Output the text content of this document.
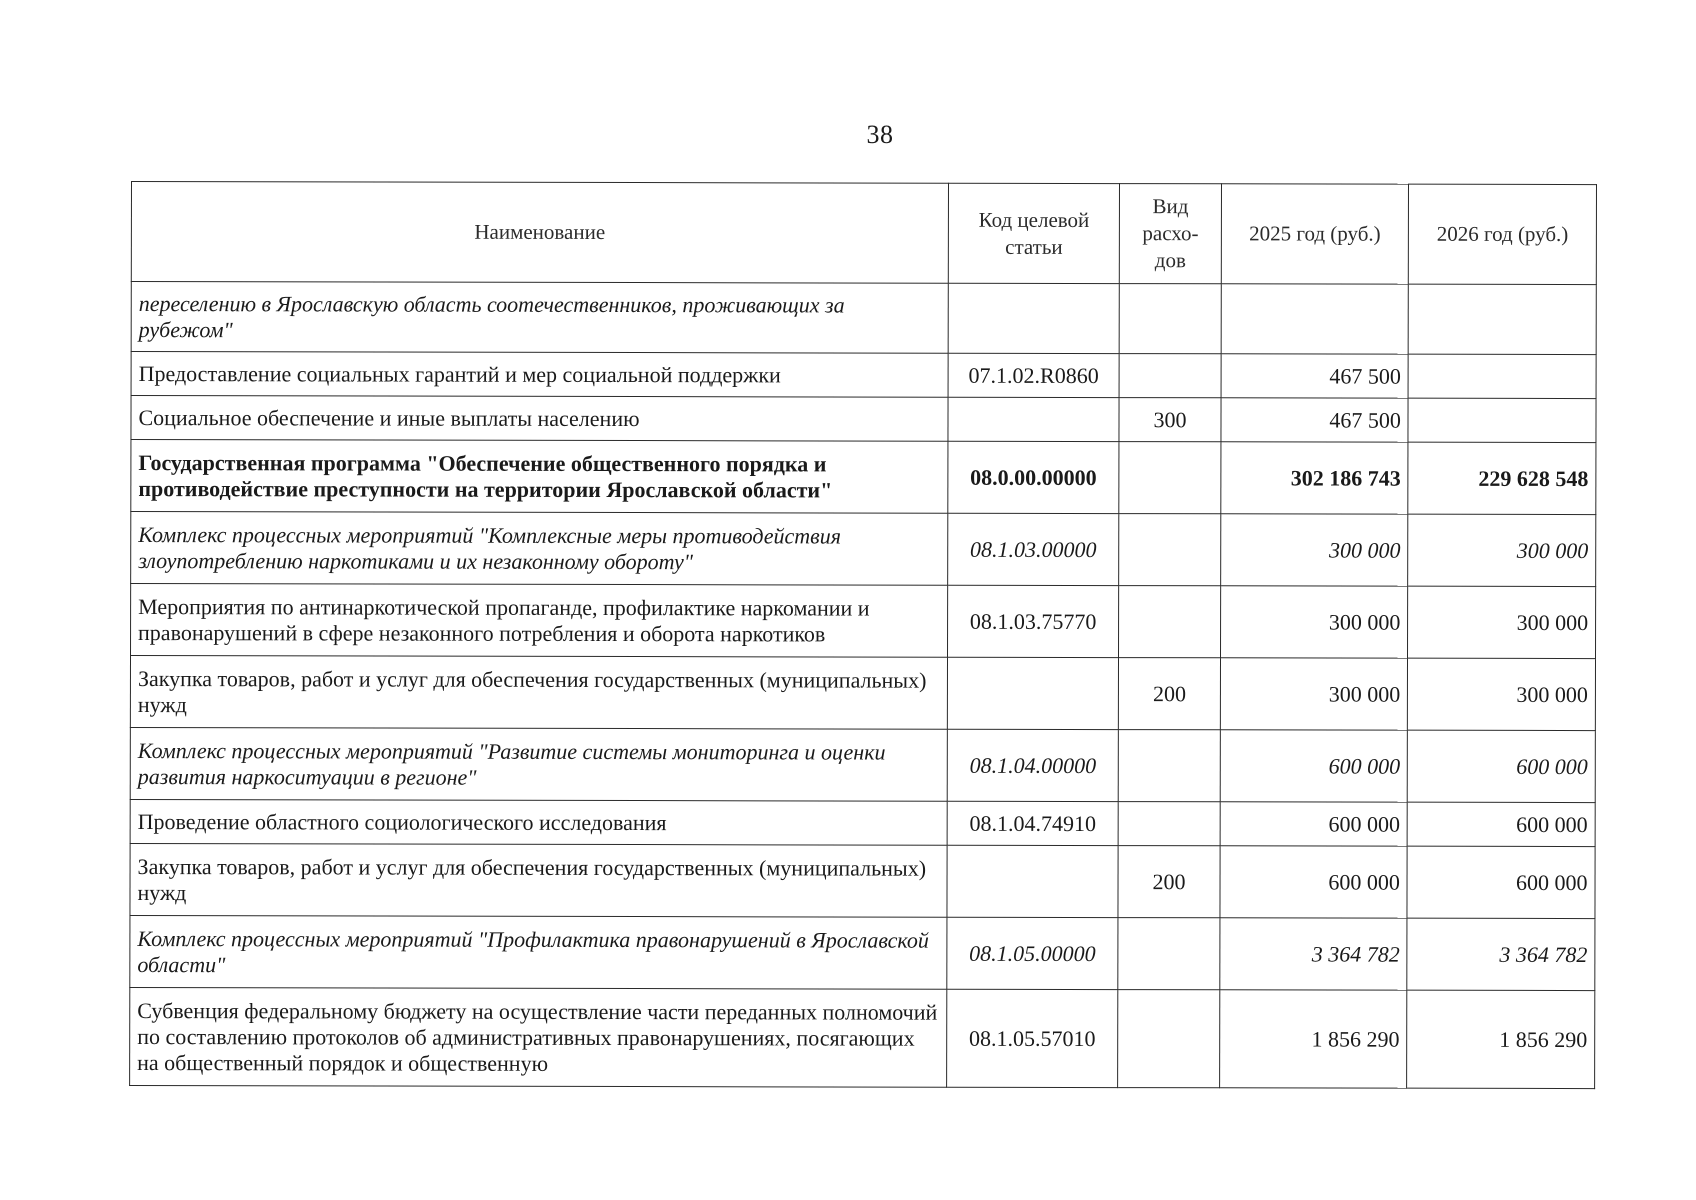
38
Наименование	Код целевой статьи	Вид расхо-дов	2025 год (руб.)	2026 год (руб.)
переселению в Ярославскую область соотечественников, проживающих за рубежом"				
Предоставление социальных гарантий и мер социальной поддержки	07.1.02.R0860		467 500	
Социальное обеспечение и иные выплаты населению		300	467 500	
Государственная программа "Обеспечение общественного порядка и противодействие преступности на территории Ярославской области"	08.0.00.00000		302 186 743	229 628 548
Комплекс процессных мероприятий "Комплексные меры противодействия злоупотреблению наркотиками и их незаконному обороту"	08.1.03.00000		300 000	300 000
Мероприятия по антинаркотической пропаганде, профилактике наркомании и правонарушений в сфере незаконного потребления и оборота наркотиков	08.1.03.75770		300 000	300 000
Закупка товаров, работ и услуг для обеспечения государственных (муниципальных) нужд		200	300 000	300 000
Комплекс процессных мероприятий "Развитие системы мониторинга и оценки развития наркоситуации в регионе"	08.1.04.00000		600 000	600 000
Проведение областного социологического исследования	08.1.04.74910		600 000	600 000
Закупка товаров, работ и услуг для обеспечения государственных (муниципальных) нужд		200	600 000	600 000
Комплекс процессных мероприятий "Профилактика правонарушений в Ярославской области"	08.1.05.00000		3 364 782	3 364 782
Субвенция федеральному бюджету на осуществление части переданных полномочий по составлению протоколов об административных правонарушениях, посягающих на общественный порядок и общественную	08.1.05.57010		1 856 290	1 856 290
